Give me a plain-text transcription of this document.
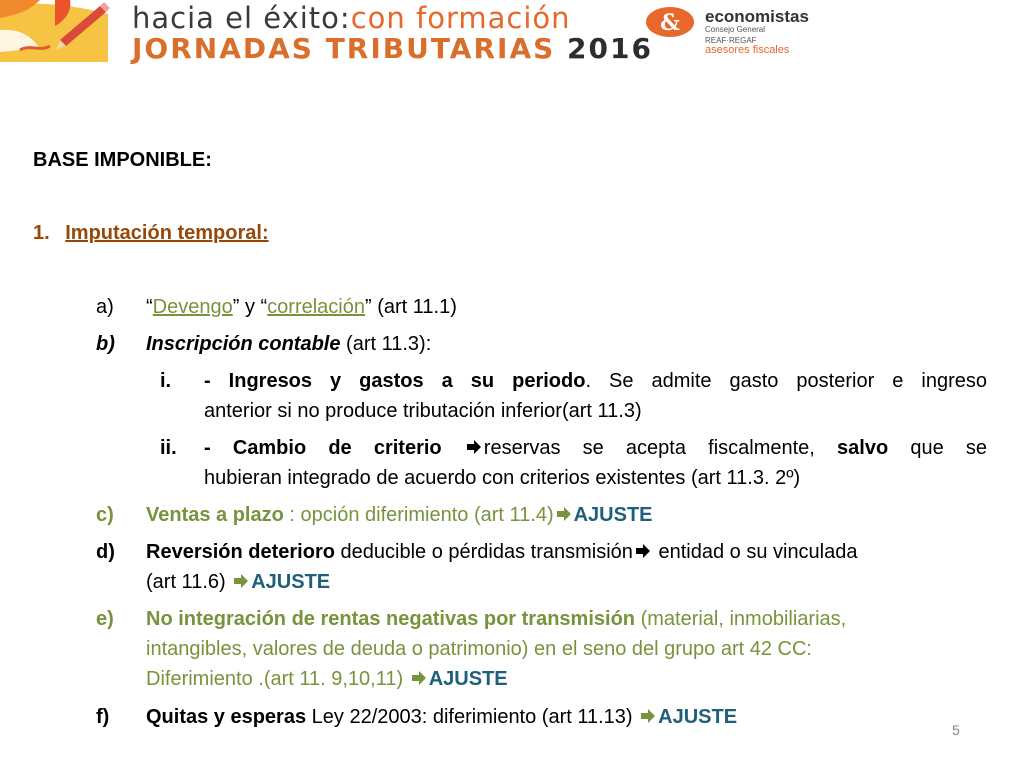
hacia el éxito:con formación
JORNADAS TRIBUTARIAS 2016
& economistas
Consejo General
REAF·REGAF
asesores fiscales
BASE IMPONIBLE:
1. Imputación temporal:
a) “Devengo” y “correlación” (art 11.1)
b) Inscripción contable (art 11.3):
i. - Ingresos y gastos a su periodo. Se admite gasto posterior e ingreso
anterior si no produce tributación inferior(art 11.3)
ii. - Cambio de criterio reservas se acepta fiscalmente, salvo que se
hubieran integrado de acuerdo con criterios existentes (art 11.3. 2º)
c) Ventas a plazo : opción diferimiento (art 11.4) AJUSTE
d) Reversión deterioro deducible o pérdidas transmisión entidad o su vinculada
(art 11.6) AJUSTE
e) No integración de rentas negativas por transmisión (material, inmobiliarias,
intangibles, valores de deuda o patrimonio) en el seno del grupo art 42 CC:
Diferimiento .(art 11. 9,10,11) AJUSTE
f) Quitas y esperas Ley 22/2003: diferimiento (art 11.13) AJUSTE
5
